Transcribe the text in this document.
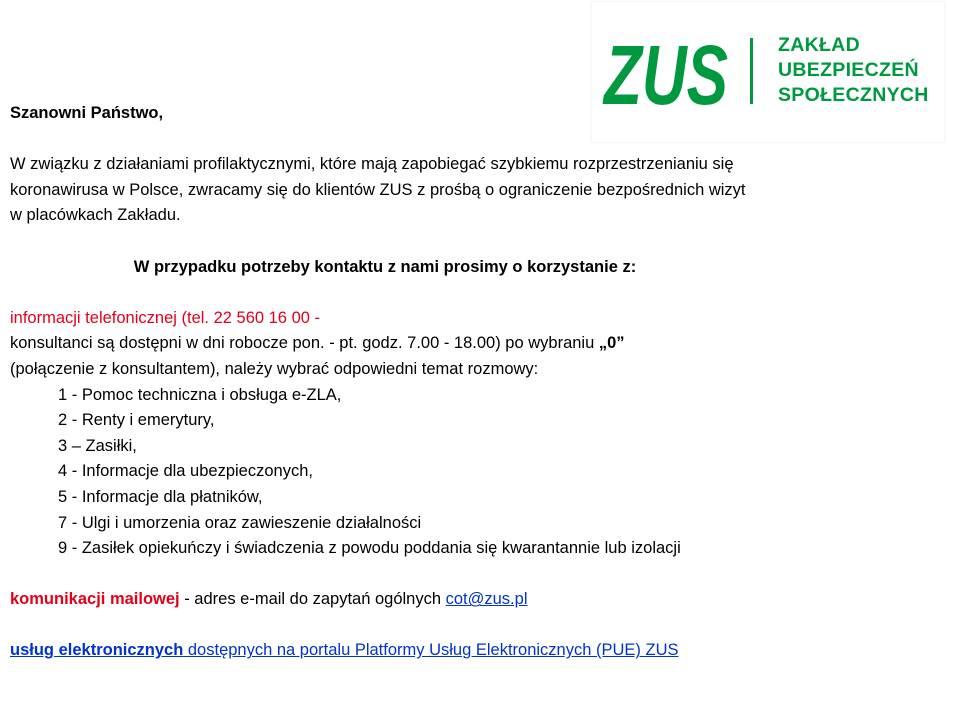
ZUS	ZAKŁAD
UBEZPIECZEŃ
SPOŁECZNYCH
Szanowni Państwo,
W związku z działaniami profilaktycznymi, które mają zapobiegać szybkiemu rozprzestrzenianiu się
koronawirusa w Polsce, zwracamy się do klientów ZUS z prośbą o ograniczenie bezpośrednich wizyt
w placówkach Zakładu.
W przypadku potrzeby kontaktu z nami prosimy o korzystanie z:
informacji telefonicznej (tel. 22 560 16 00 -
konsultanci są dostępni w dni robocze pon. - pt. godz. 7.00 - 18.00) po wybraniu „0”
(połączenie z konsultantem), należy wybrać odpowiedni temat rozmowy:
1 - Pomoc techniczna i obsługa e-ZLA,
2 - Renty i emerytury,
3 – Zasiłki,
4 - Informacje dla ubezpieczonych,
5 - Informacje dla płatników,
7 - Ulgi i umorzenia oraz zawieszenie działalności
9 - Zasiłek opiekuńczy i świadczenia z powodu poddania się kwarantannie lub izolacji
komunikacji mailowej - adres e-mail do zapytań ogólnych cot@zus.pl
usług elektronicznych dostępnych na portalu Platformy Usług Elektronicznych (PUE) ZUS
